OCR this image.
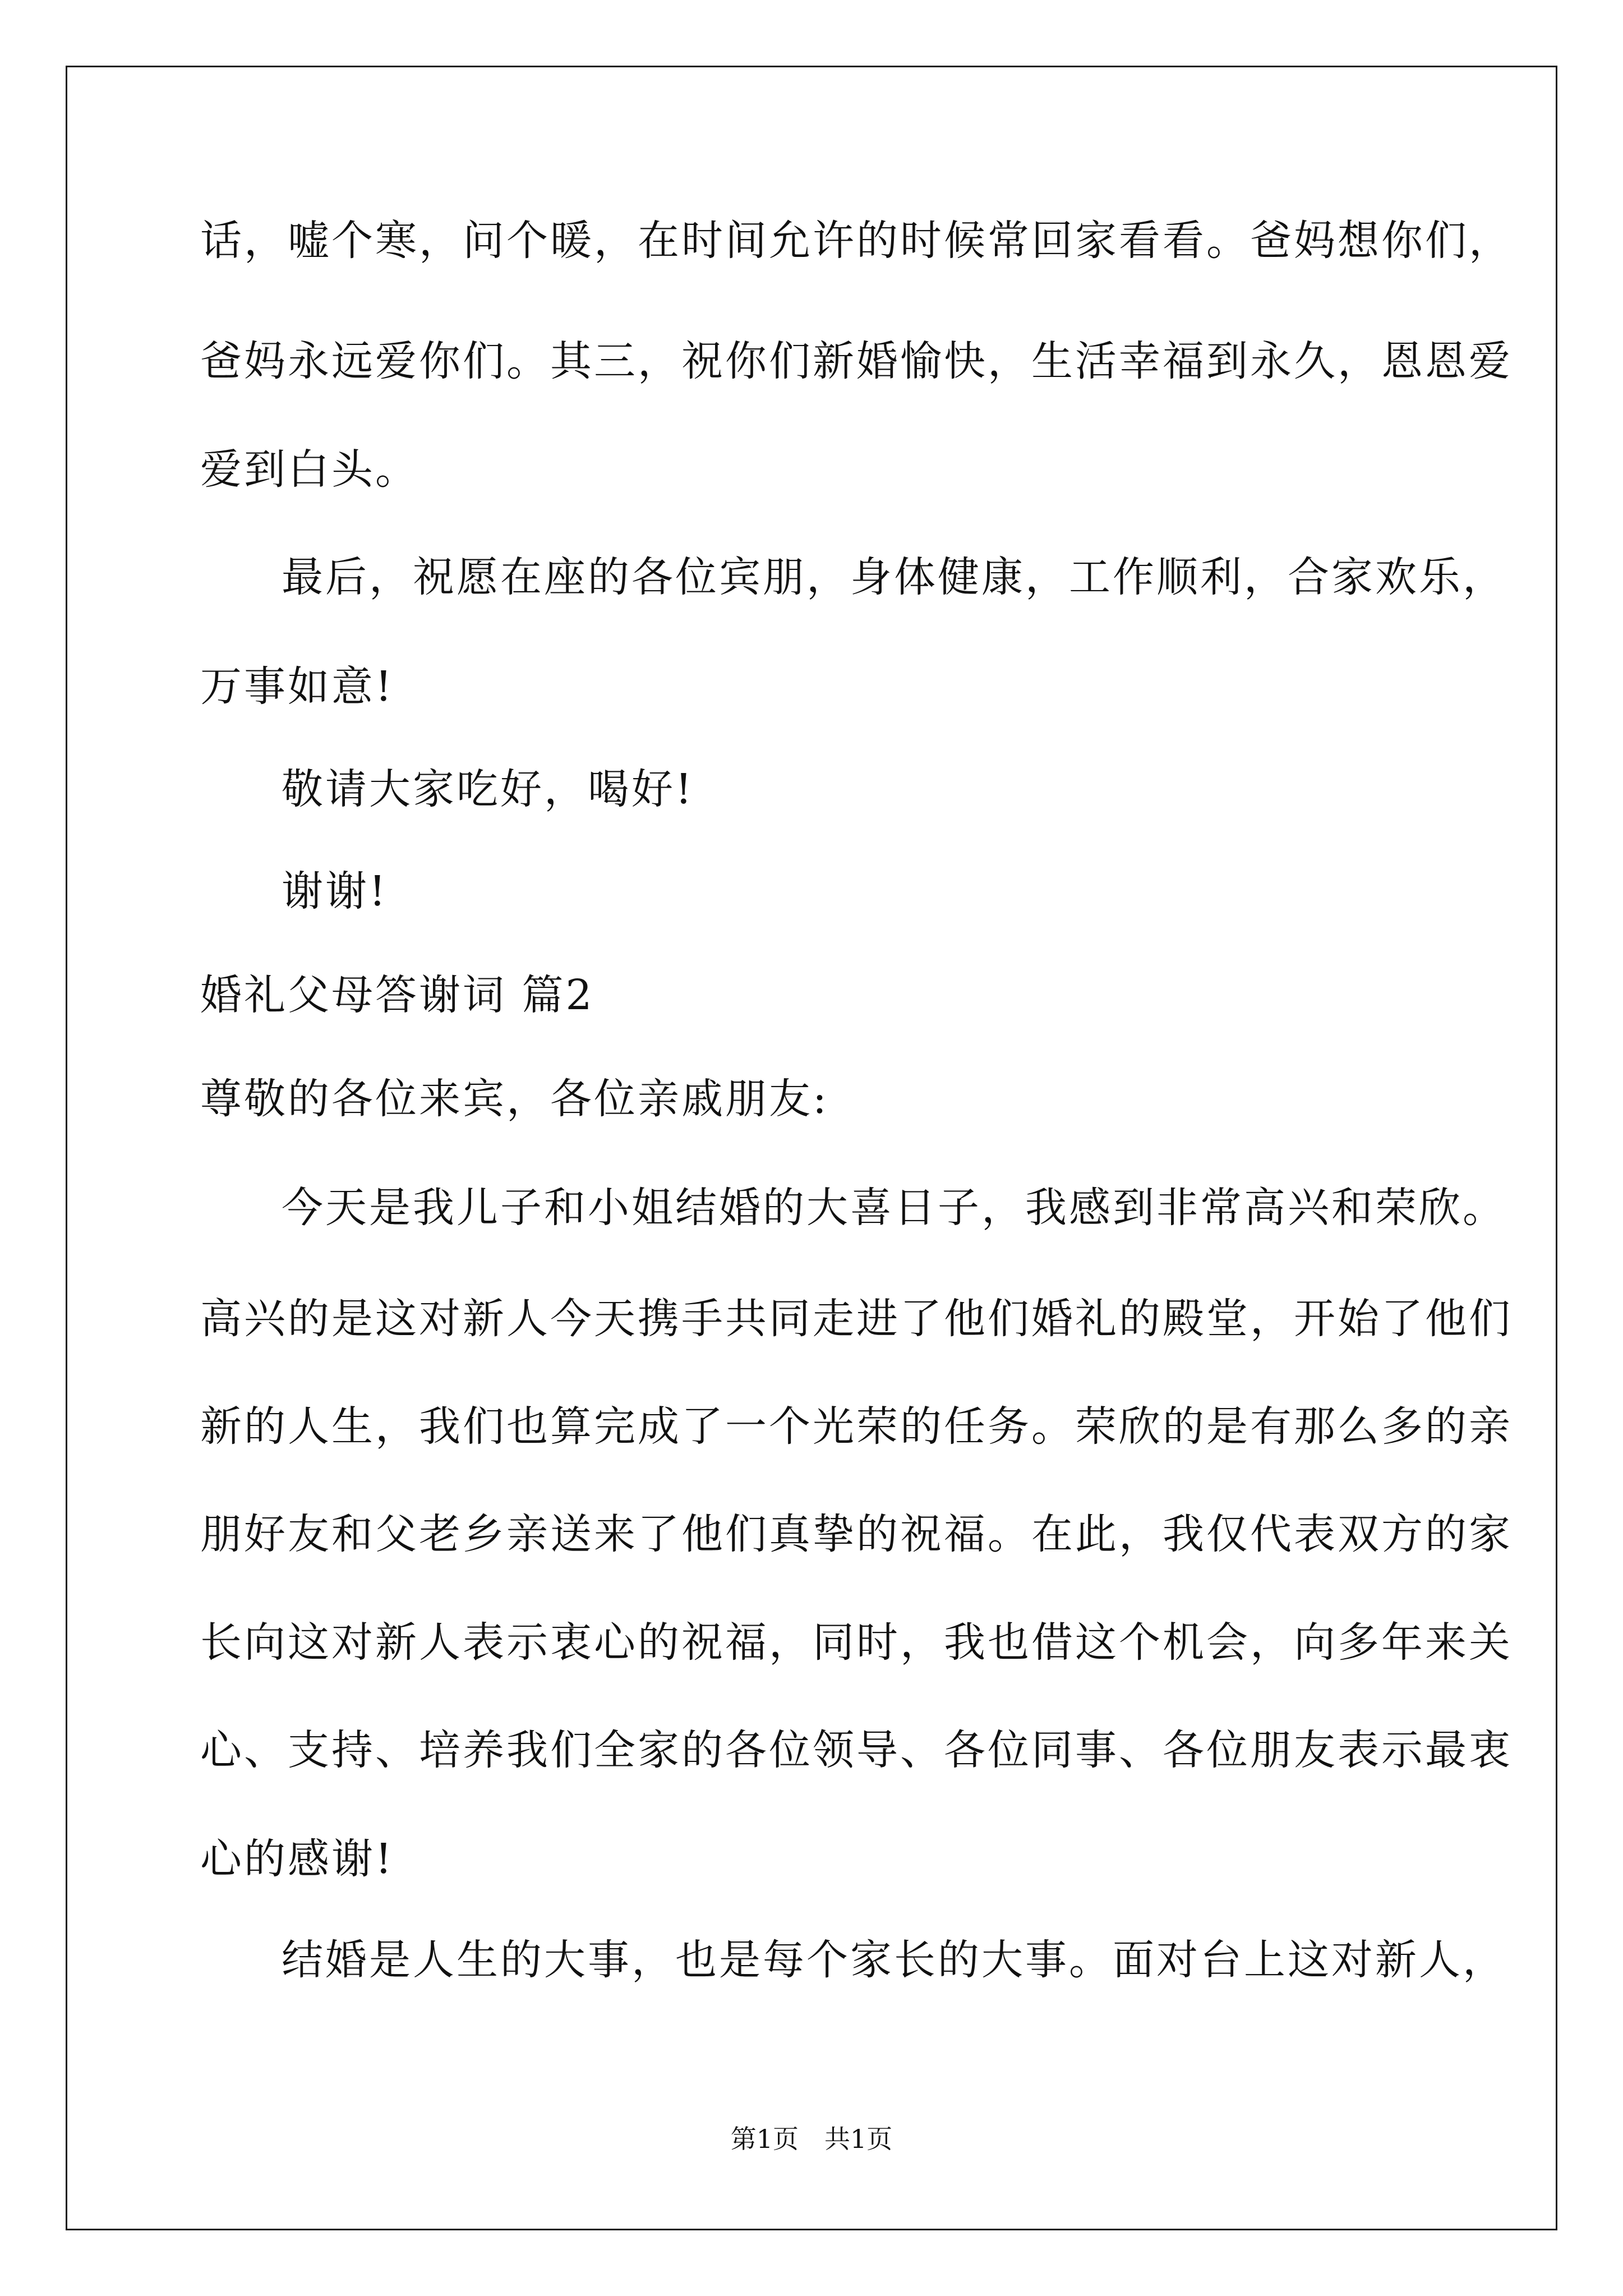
话，嘘个寒，问个暖，在时间允许的时候常回家看看。爸妈想你们，
爸妈永远爱你们。其三，祝你们新婚愉快，生活幸福到永久，恩恩爱
爱到白头。
最后，祝愿在座的各位宾朋，身体健康，工作顺利，合家欢乐，
万事如意!
敬请大家吃好，喝好!
谢谢!
婚礼父母答谢词 篇2
尊敬的各位来宾，各位亲戚朋友:
今天是我儿子和小姐结婚的大喜日子，我感到非常高兴和荣欣。
高兴的是这对新人今天携手共同走进了他们婚礼的殿堂，开始了他们
新的人生，我们也算完成了一个光荣的任务。荣欣的是有那么多的亲
朋好友和父老乡亲送来了他们真挚的祝福。在此，我仅代表双方的家
长向这对新人表示衷心的祝福，同时，我也借这个机会，向多年来关
心、支持、培养我们全家的各位领导、各位同事、各位朋友表示最衷
心的感谢!
结婚是人生的大事，也是每个家长的大事。面对台上这对新人，
第1页　共1页
